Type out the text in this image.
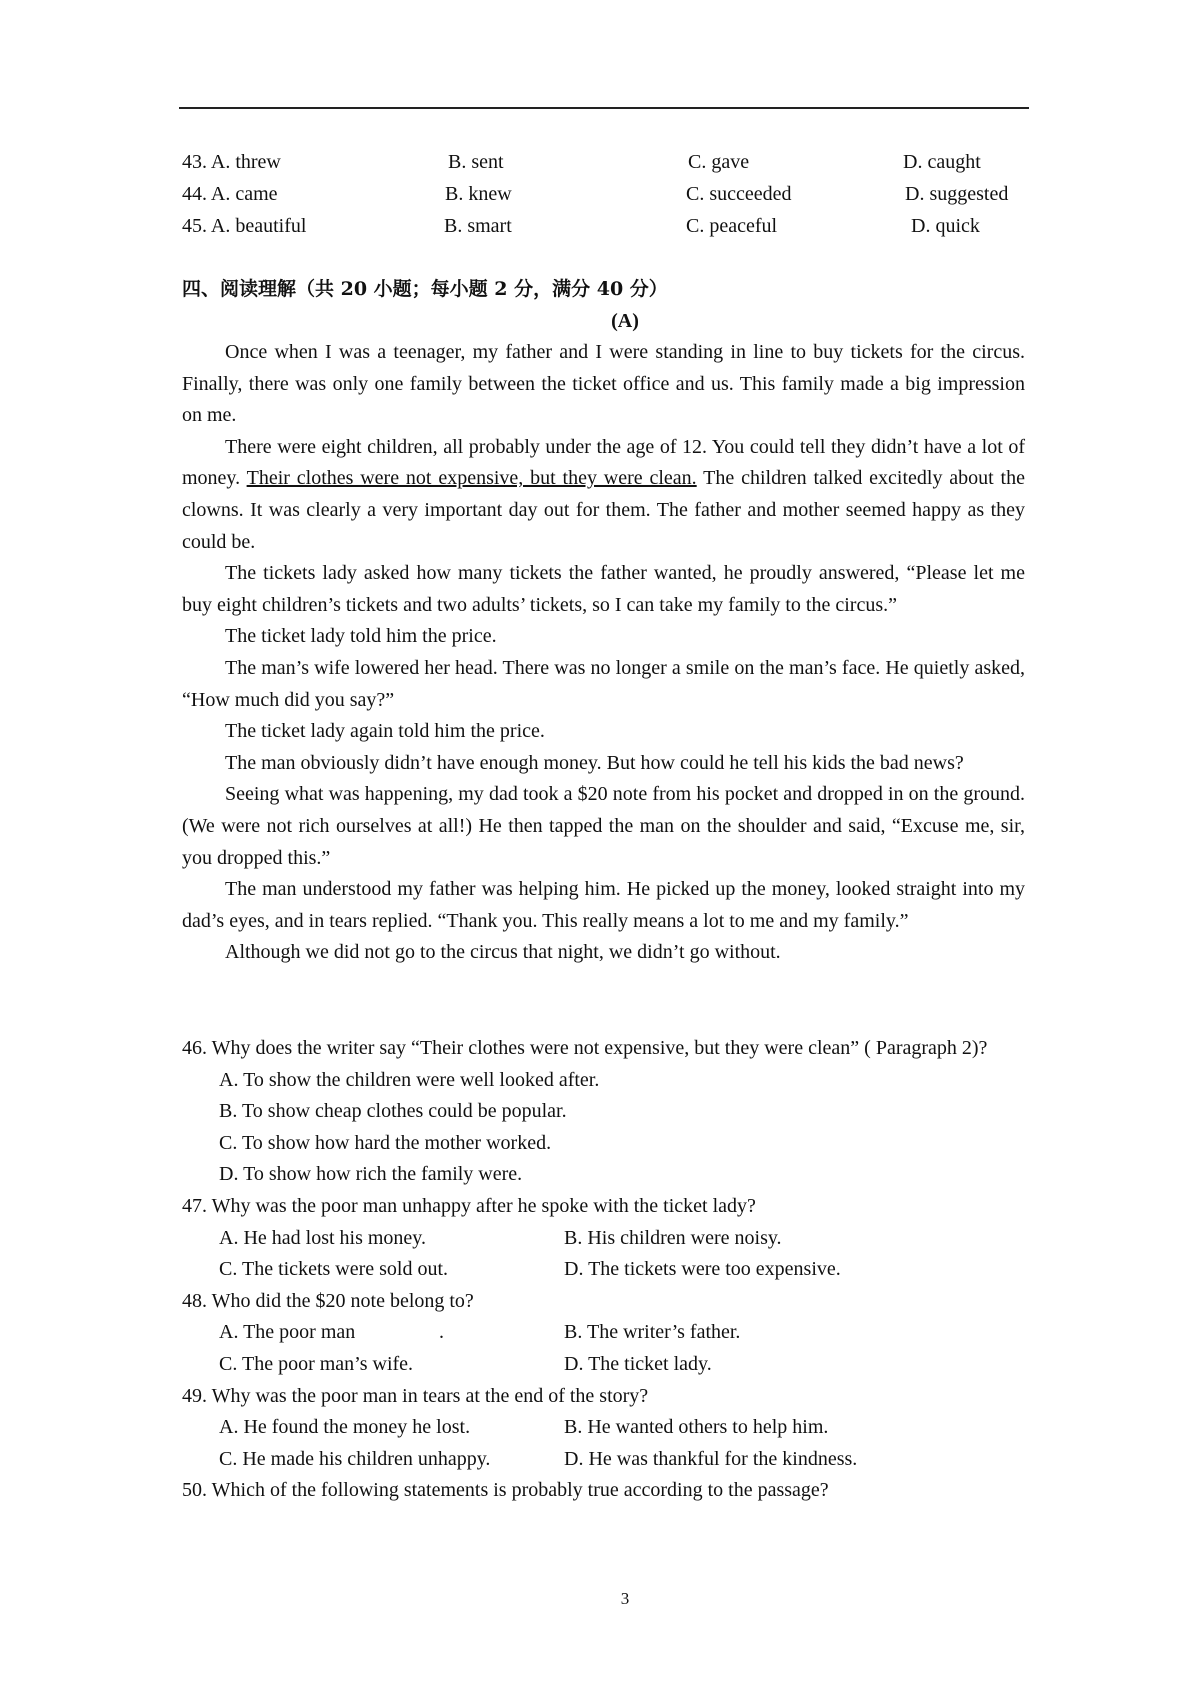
43. A. threw	B. sent	C. gave	D. caught
44. A. came	B. knew	C. succeeded	D. suggested
45. A. beautiful	B. smart	C. peaceful	D. quick
四、阅读理解（共 20 小题；每小题 2 分，满分 40 分）
(A)

Once when I was a teenager, my father and I were standing in line to buy tickets for the circus. Finally, there was only one family between the ticket office and us. This family made a big impression on me.

There were eight children, all probably under the age of 12. You could tell they didn’t have a lot of money. Their clothes were not expensive, but they were clean. The children talked excitedly about the clowns. It was clearly a very important day out for them. The father and mother seemed happy as they could be.

The tickets lady asked how many tickets the father wanted, he proudly answered, “Please let me buy eight children’s tickets and two adults’ tickets, so I can take my family to the circus.”

The ticket lady told him the price.

The man’s wife lowered her head. There was no longer a smile on the man’s face. He quietly asked, “How much did you say?”

The ticket lady again told him the price.

The man obviously didn’t have enough money. But how could he tell his kids the bad news?

Seeing what was happening, my dad took a $20 note from his pocket and dropped in on the ground. (We were not rich ourselves at all!) He then tapped the man on the shoulder and said, “Excuse me, sir, you dropped this.”

The man understood my father was helping him. He picked up the money, looked straight into my dad’s eyes, and in tears replied. “Thank you. This really means a lot to me and my family.”

Although we did not go to the circus that night, we didn’t go without.

46. Why does the writer say “Their clothes were not expensive, but they were clean” ( Paragraph 2)?

A. To show the children were well looked after.

B. To show cheap clothes could be popular.

C. To show how hard the mother worked.

D. To show how rich the family were.

47. Why was the poor man unhappy after he spoke with the ticket lady?

A. He had lost his money.	B. His children were noisy.
C. The tickets were sold out.	D. The tickets were too expensive.

48. Who did the $20 note belong to?

A. The poor man	.	B. The writer’s father.
C. The poor man’s wife.	D. The ticket lady.

49. Why was the poor man in tears at the end of the story?

A. He found the money he lost.	B. He wanted others to help him.
C. He made his children unhappy.	D. He was thankful for the kindness.

50. Which of the following statements is probably true according to the passage?

3
